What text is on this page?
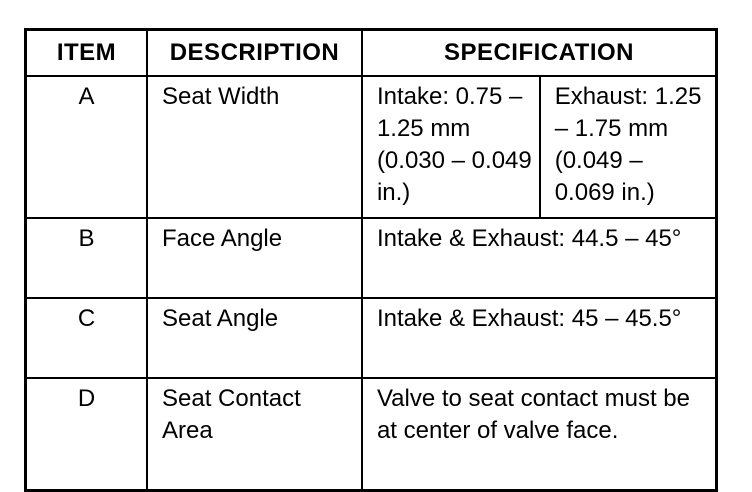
ITEM	DESCRIPTION	SPECIFICATION	
A	Seat Width	Intake: 0.75 – 1.25 mm (0.030 – 0.049 in.)	Exhaust: 1.25 – 1.75 mm (0.049 – 0.069 in.)
B	Face Angle	Intake & Exhaust: 44.5 – 45°	
C	Seat Angle	Intake & Exhaust: 45 – 45.5°	
D	Seat Contact Area	Valve to seat contact must be at center of valve face.	
